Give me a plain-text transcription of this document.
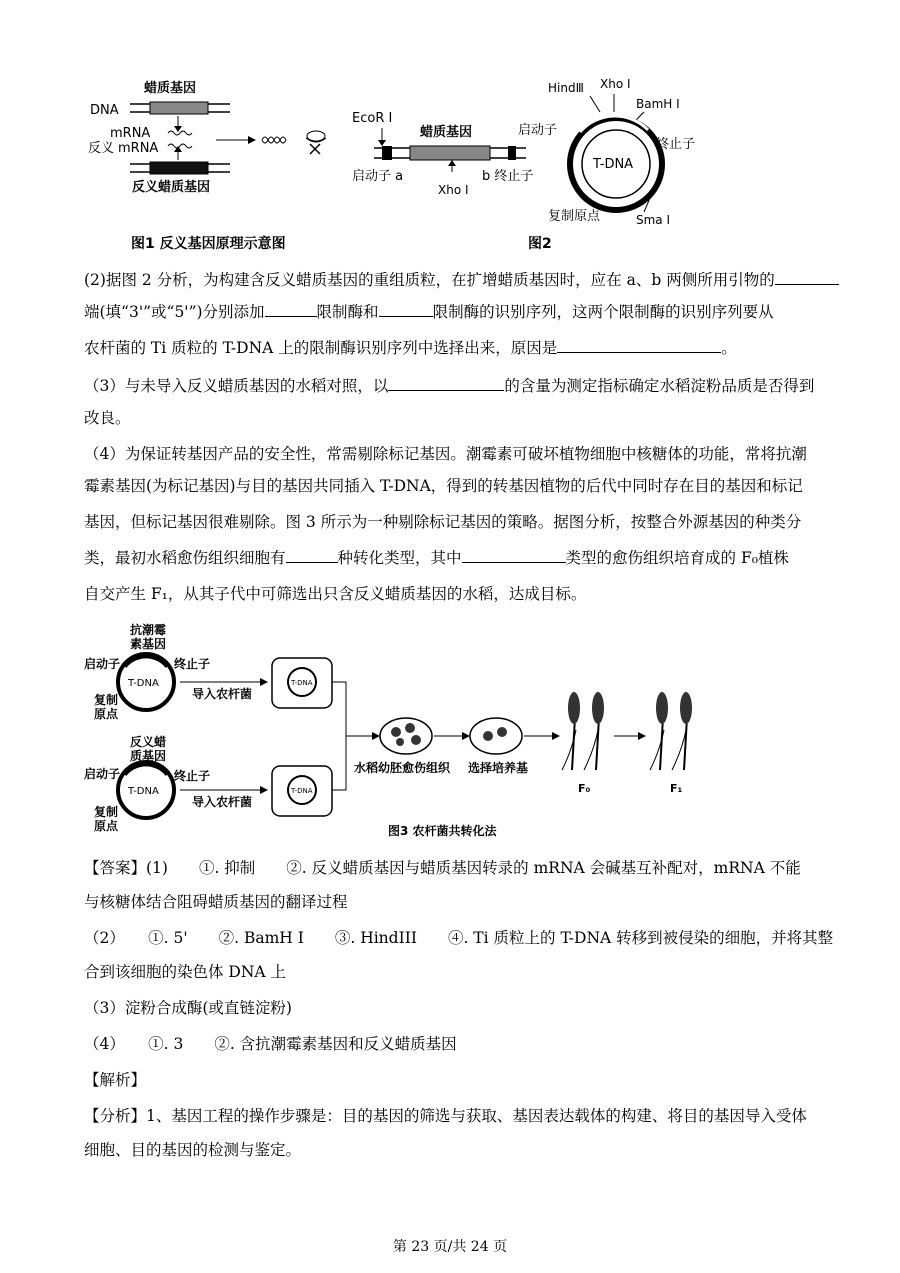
蜡质基因
DNA
mRNA
反义 mRNA
反义蜡质基因
图1 反义基因原理示意图
EcoR Ⅰ
蜡质基因
启动子 a
Xho Ⅰ
b 终止子
HindⅢ Xho Ⅰ
BamH Ⅰ
启动子
T-DNA
终止子
复制原点	Sma Ⅰ
图2
(2)据图 2 分析，为构建含反义蜡质基因的重组质粒，在扩增蜡质基因时，应在 a、b 两侧所用引物的
端(填“3'”或“5'”)分别添加	限制酶和	限制酶的识别序列，这两个限制酶的识别序列要从
农杆菌的 Ti 质粒的 T-DNA 上的限制酶识别序列中选择出来，原因是	。
（3）与未导入反义蜡质基因的水稻对照，以	的含量为测定指标确定水稻淀粉品质是否得到
改良。
（4）为保证转基因产品的安全性，常需剔除标记基因。潮霉素可破坏植物细胞中核糖体的功能，常将抗潮
霉素基因(为标记基因)与目的基因共同插入 T-DNA，得到的转基因植物的后代中同时存在目的基因和标记
基因，但标记基因很难剔除。图 3 所示为一种剔除标记基因的策略。据图分析，按整合外源基因的种类分
类，最初水稻愈伤组织细胞有	种转化类型，其中	类型的愈伤组织培育成的 F₀植株
自交产生 F₁，从其子代中可筛选出只含反义蜡质基因的水稻，达成目标。
抗潮霉
素基因
启动子
T-DNA
终止子
复制
原点
导入农杆菌
T-DNA
反义蜡
质基因
启动子
T-DNA
终止子
复制
原点
导入农杆菌
T-DNA
水稻幼胚愈伤组织 选择培养基
F₀	F₁
图3 农杆菌共转化法
【答案】(1)　　①. 抑制　　②. 反义蜡质基因与蜡质基因转录的 mRNA 会碱基互补配对，mRNA 不能
与核糖体结合阻碍蜡质基因的翻译过程
（2）　　①. 5'　　②. BamH I　　③. HindIII　　④. Ti 质粒上的 T-DNA 转移到被侵染的细胞，并将其整
合到该细胞的染色体 DNA 上
（3）淀粉合成酶(或直链淀粉)
（4）　　①. 3　　②. 含抗潮霉素基因和反义蜡质基因
【解析】
【分析】1、基因工程的操作步骤是：目的基因的筛选与获取、基因表达载体的构建、将目的基因导入受体
细胞、目的基因的检测与鉴定。
第 23 页/共 24 页
